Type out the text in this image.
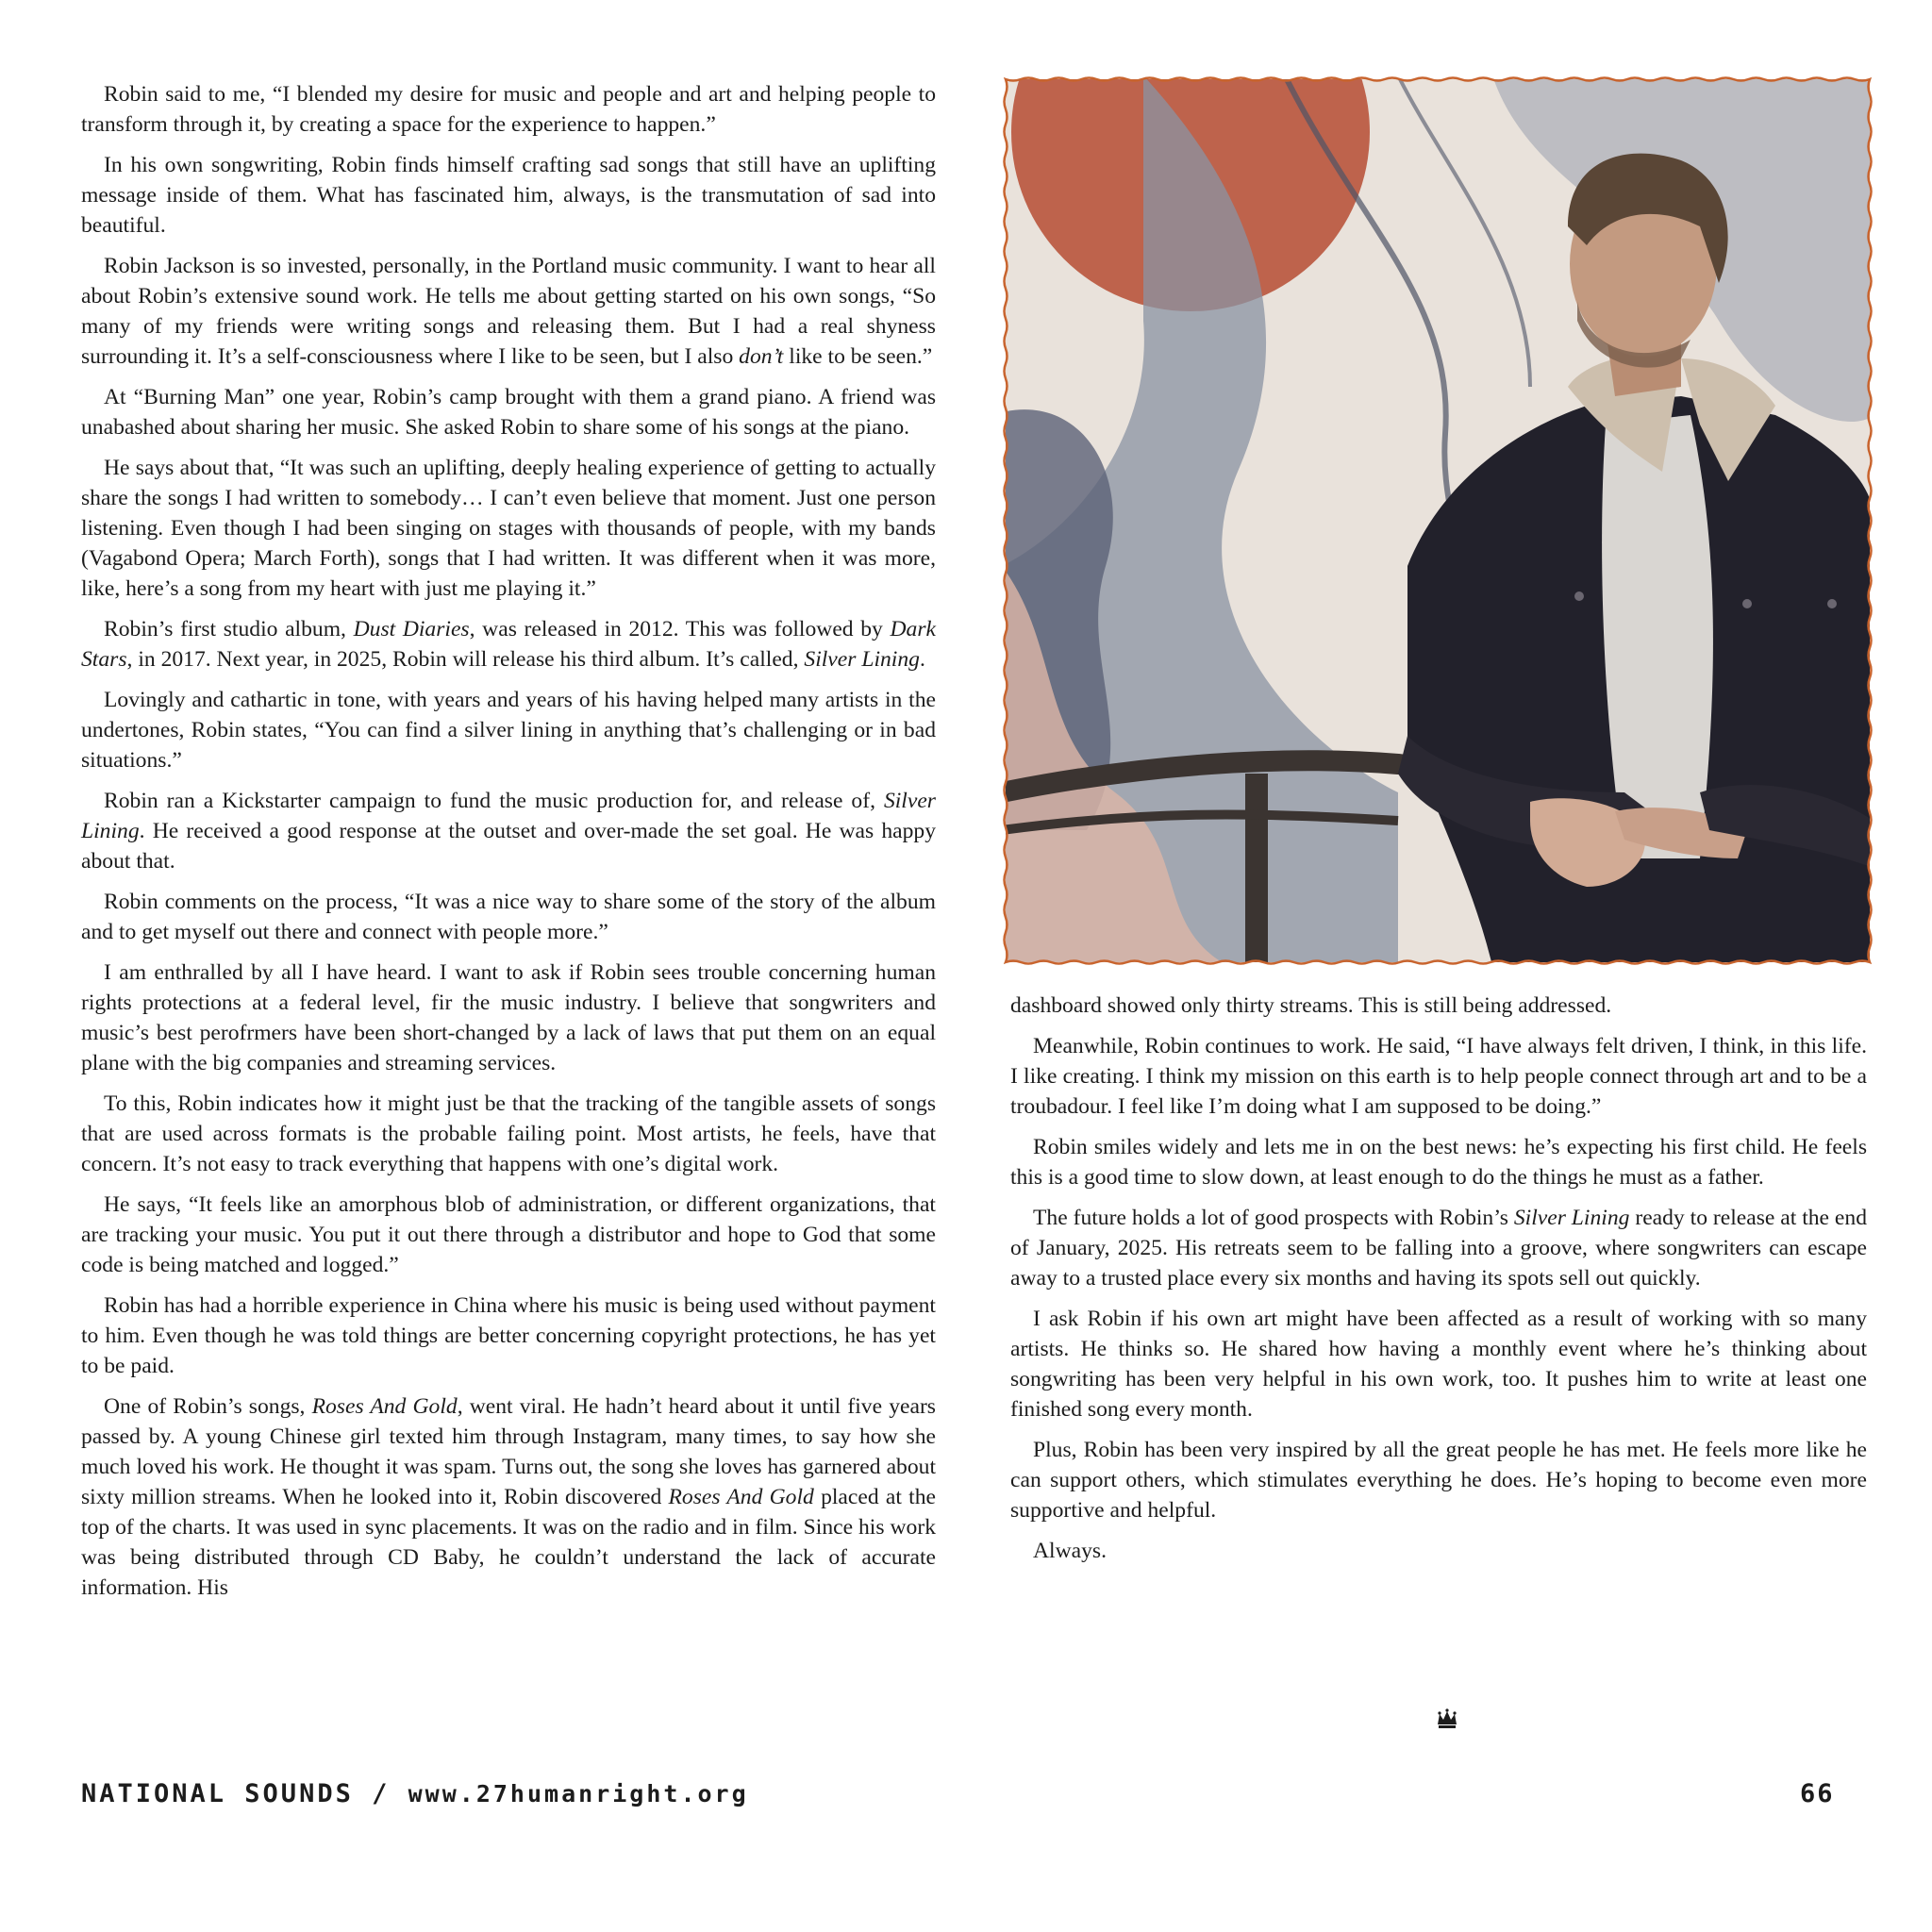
Robin said to me, “I blended my desire for music and people and art and helping people to transform through it, by creating a space for the experience to happen.”

In his own songwriting, Robin finds himself crafting sad songs that still have an uplifting message inside of them. What has fascinated him, always, is the transmutation of sad into beautiful.

Robin Jackson is so invested, personally, in the Portland music community. I want to hear all about Robin’s extensive sound work. He tells me about getting started on his own songs, “So many of my friends were writing songs and releasing them. But I had a real shyness surrounding it. It’s a self-consciousness where I like to be seen, but I also don’t like to be seen.”

At “Burning Man” one year, Robin’s camp brought with them a grand piano. A friend was unabashed about sharing her music. She asked Robin to share some of his songs at the piano.

He says about that, “It was such an uplifting, deeply healing experience of getting to actually share the songs I had written to somebody… I can’t even believe that moment. Just one person listening. Even though I had been singing on stages with thousands of people, with my bands (Vagabond Opera; March Forth), songs that I had written. It was different when it was more, like, here’s a song from my heart with just me playing it.”

Robin’s first studio album, Dust Diaries, was released in 2012. This was followed by Dark Stars, in 2017. Next year, in 2025, Robin will release his third album. It’s called, Silver Lining.

Lovingly and cathartic in tone, with years and years of his having helped many artists in the undertones, Robin states, “You can find a silver lining in anything that’s challenging or in bad situations.”

Robin ran a Kickstarter campaign to fund the music production for, and release of, Silver Lining. He received a good response at the outset and over-made the set goal. He was happy about that.

Robin comments on the process, “It was a nice way to share some of the story of the album and to get myself out there and connect with people more.”

I am enthralled by all I have heard. I want to ask if Robin sees trouble concerning human rights protections at a federal level, fir the music industry. I believe that songwriters and music’s best perofrmers have been short-changed by a lack of laws that put them on an equal plane with the big companies and streaming services.

To this, Robin indicates how it might just be that the tracking of the tangible assets of songs that are used across formats is the probable failing point. Most artists, he feels, have that concern. It’s not easy to track everything that happens with one’s digital work.

He says, “It feels like an amorphous blob of administration, or different organizations, that are tracking your music. You put it out there through a distributor and hope to God that some code is being matched and logged.”

Robin has had a horrible experience in China where his music is being used without payment to him. Even though he was told things are better concerning copyright protections, he has yet to be paid.

One of Robin’s songs, Roses And Gold, went viral. He hadn’t heard about it until five years passed by. A young Chinese girl texted him through Instagram, many times, to say how she much loved his work. He thought it was spam. Turns out, the song she loves has garnered about sixty million streams. When he looked into it, Robin discovered Roses And Gold placed at the top of the charts. It was used in sync placements. It was on the radio and in film. Since his work was being distributed through CD Baby, he couldn’t understand the lack of accurate information. His

dashboard showed only thirty streams. This is still being addressed.

Meanwhile, Robin continues to work. He said, “I have always felt driven, I think, in this life. I like creating. I think my mission on this earth is to help people connect through art and to be a troubadour. I feel like I’m doing what I am supposed to be doing.”

Robin smiles widely and lets me in on the best news: he’s expecting his first child. He feels this is a good time to slow down, at least enough to do the things he must as a father.

The future holds a lot of good prospects with Robin’s Silver Lining ready to release at the end of January, 2025. His retreats seem to be falling into a groove, where songwriters can escape away to a trusted place every six months and having its spots sell out quickly.

I ask Robin if his own art might have been affected as a result of working with so many artists. He thinks so. He shared how having a monthly event where he’s thinking about songwriting has been very helpful in his own work, too. It pushes him to write at least one finished song every month.

Plus, Robin has been very inspired by all the great people he has met. He feels more like he can support others, which stimulates everything he does. He’s hoping to become even more supportive and helpful.

Always.

NATIONAL SOUNDS / www.27humanright.org	66
